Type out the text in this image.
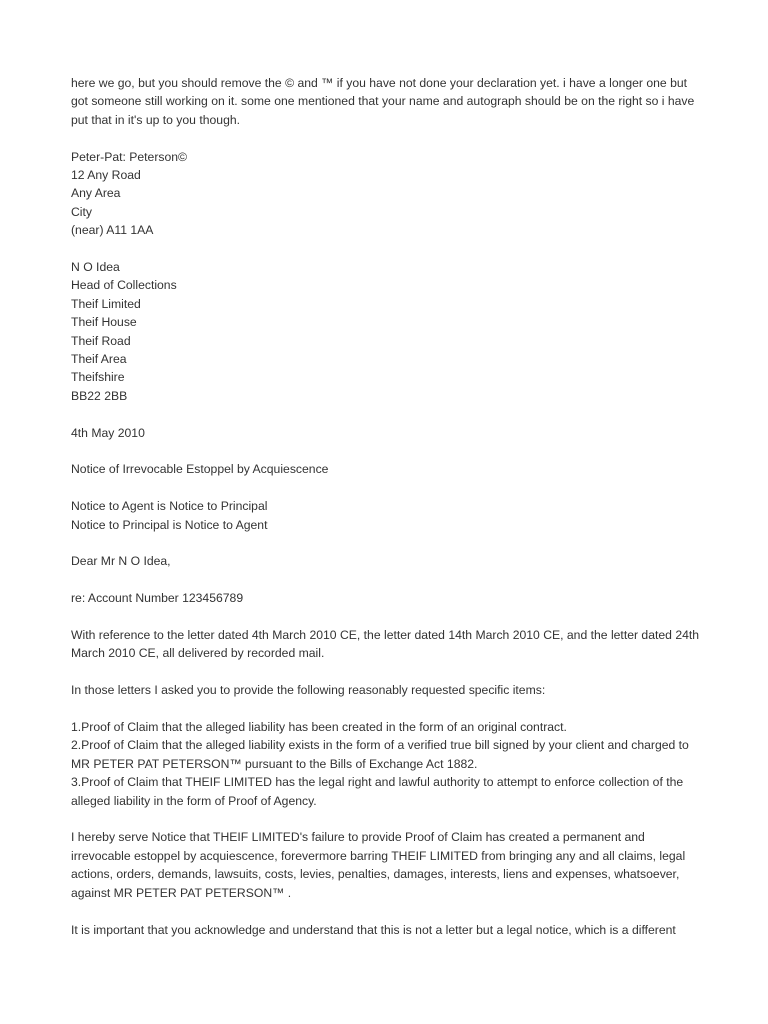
here we go, but you should remove the © and ™ if you have not done your declaration yet. i have a longer one but got someone still working on it. some one mentioned that your name and autograph should be on the right so i have put that in it's up to you though.
Peter-Pat: Peterson©
12 Any Road
Any Area
City
(near) A11 1AA
N O Idea
Head of Collections
Theif Limited
Theif House
Theif Road
Theif Area
Theifshire
BB22 2BB
4th May 2010
Notice of Irrevocable Estoppel by Acquiescence
Notice to Agent is Notice to Principal
Notice to Principal is Notice to Agent
Dear Mr N O Idea,
re: Account Number 123456789
With reference to the letter dated 4th March 2010 CE, the letter dated 14th March 2010 CE, and the letter dated 24th March 2010 CE, all delivered by recorded mail.
In those letters I asked you to provide the following reasonably requested specific items:
1.Proof of Claim that the alleged liability has been created in the form of an original contract.
2.Proof of Claim that the alleged liability exists in the form of a verified true bill signed by your client and charged to MR PETER PAT PETERSON™ pursuant to the Bills of Exchange Act 1882.
3.Proof of Claim that THEIF LIMITED has the legal right and lawful authority to attempt to enforce collection of the alleged liability in the form of Proof of Agency.
I hereby serve Notice that THEIF LIMITED's failure to provide Proof of Claim has created a permanent and irrevocable estoppel by acquiescence, forevermore barring THEIF LIMITED from bringing any and all claims, legal actions, orders, demands, lawsuits, costs, levies, penalties, damages, interests, liens and expenses, whatsoever, against MR PETER PAT PETERSON™ .
It is important that you acknowledge and understand that this is not a letter but a legal notice, which is a different
